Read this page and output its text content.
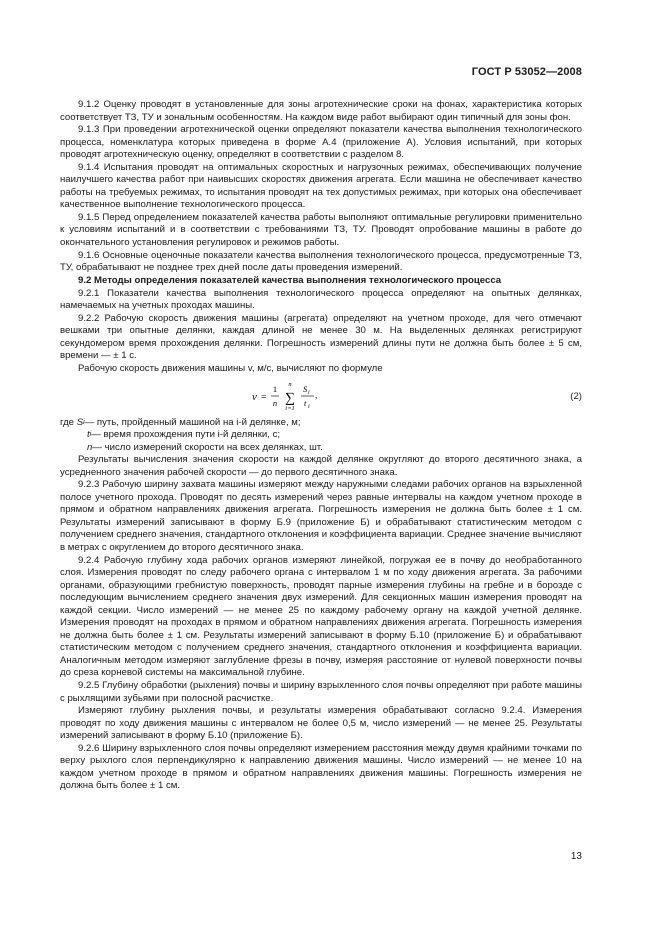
ГОСТ Р 53052—2008

9.1.2 Оценку проводят в установленные для зоны агротехнические сроки на фонах, характеристика которых соответствует ТЗ, ТУ и зональным особенностям. На каждом виде работ выбирают один типичный для зоны фон.

9.1.3 При проведении агротехнической оценки определяют показатели качества выполнения технологического процесса, номенклатура которых приведена в форме А.4 (приложение А). Условия испытаний, при которых проводят агротехническую оценку, определяют в соответствии с разделом 8.

9.1.4 Испытания проводят на оптимальных скоростных и нагрузочных режимах, обеспечивающих получение наилучшего качества работ при наивысших скоростях движения агрегата. Если машина не обеспечивает качество работы на требуемых режимах, то испытания проводят на тех допустимых режимах, при которых она обеспечивает качественное выполнение технологического процесса.

9.1.5 Перед определением показателей качества работы выполняют оптимальные регулировки применительно к условиям испытаний и в соответствии с требованиями ТЗ, ТУ. Проводят опробование машины в работе до окончательного установления регулировок и режимов работы.

9.1.6 Основные оценочные показатели качества выполнения технологического процесса, предусмотренные ТЗ, ТУ, обрабатывают не позднее трех дней после даты проведения измерений.

9.2 Методы определения показателей качества выполнения технологического процесса

9.2.1 Показатели качества выполнения технологического процесса определяют на опытных делянках, намечаемых на учетных проходах машины.

9.2.2 Рабочую скорость движения машины (агрегата) определяют на учетном проходе, для чего отмечают вешками три опытные делянки, каждая длиной не менее 30 м. На выделенных делянках регистрируют секундомером время прохождения делянки. Погрешность измерений длины пути не должна быть более ± 5 см, времени — ± 1 с.

Рабочую скорость движения машины v, м/с, вычисляют по формуле

v =
1
n
n
∑
i=1
S i
t i
,	(2)
где
S i — путь, пройденный машиной на i-й делянке, м;
t i — время прохождения пути i-й делянки, с;
n — число измерений скорости на всех делянках, шт.

Результаты вычисления значения скорости на каждой делянке округляют до второго десятичного знака, а усредненного значения рабочей скорости — до первого десятичного знака.

9.2.3 Рабочую ширину захвата машины измеряют между наружными следами рабочих органов на взрыхленной полосе учетного прохода. Проводят по десять измерений через равные интервалы на каждом учетном проходе в прямом и обратном направлениях движения агрегата. Погрешность измерения не должна быть более ± 1 см. Результаты измерений записывают в форму Б.9 (приложение Б) и обрабатывают статистическим методом с получением среднего значения, стандартного отклонения и коэффициента вариации. Среднее значение вычисляют в метрах с округлением до второго десятичного знака.

9.2.4 Рабочую глубину хода рабочих органов измеряют линейкой, погружая ее в почву до необработанного слоя. Измерения проводят по следу рабочего органа с интервалом 1 м по ходу движения агрегата. За рабочими органами, образующими гребнистую поверхность, проводят парные измерения глубины на гребне и в борозде с последующим вычислением среднего значения двух измерений. Для секционных машин измерения проводят на каждой секции. Число измерений — не менее 25 по каждому рабочему органу на каждой учетной делянке. Измерения проводят на проходах в прямом и обратном направлениях движения агрегата. Погрешность измерения не должна быть более ± 1 см. Результаты измерений записывают в форму Б.10 (приложение Б) и обрабатывают статистическим методом с получением среднего значения, стандартного отклонения и коэффициента вариации. Аналогичным методом измеряют заглубление фрезы в почву, измеряя расстояние от нулевой поверхности почвы до среза корневой системы на максимальной глубине.

9.2.5 Глубину обработки (рыхления) почвы и ширину взрыхленного слоя почвы определяют при работе машины с рыхлящими зубьями при полосной расчистке.

Измеряют глубину рыхления почвы, и результаты измерения обрабатывают согласно 9.2.4. Измерения проводят по ходу движения машины с интервалом не более 0,5 м, число измерений — не менее 25. Результаты измерений записывают в форму Б.10 (приложение Б).

9.2.6 Ширину взрыхленного слоя почвы определяют измерением расстояния между двумя крайними точками по верху рыхлого слоя перпендикулярно к направлению движения машины. Число измерений — не менее 10 на каждом учетном проходе в прямом и обратном направлениях движения машины. Погрешность измерения не должна быть более ± 1 см.

13
